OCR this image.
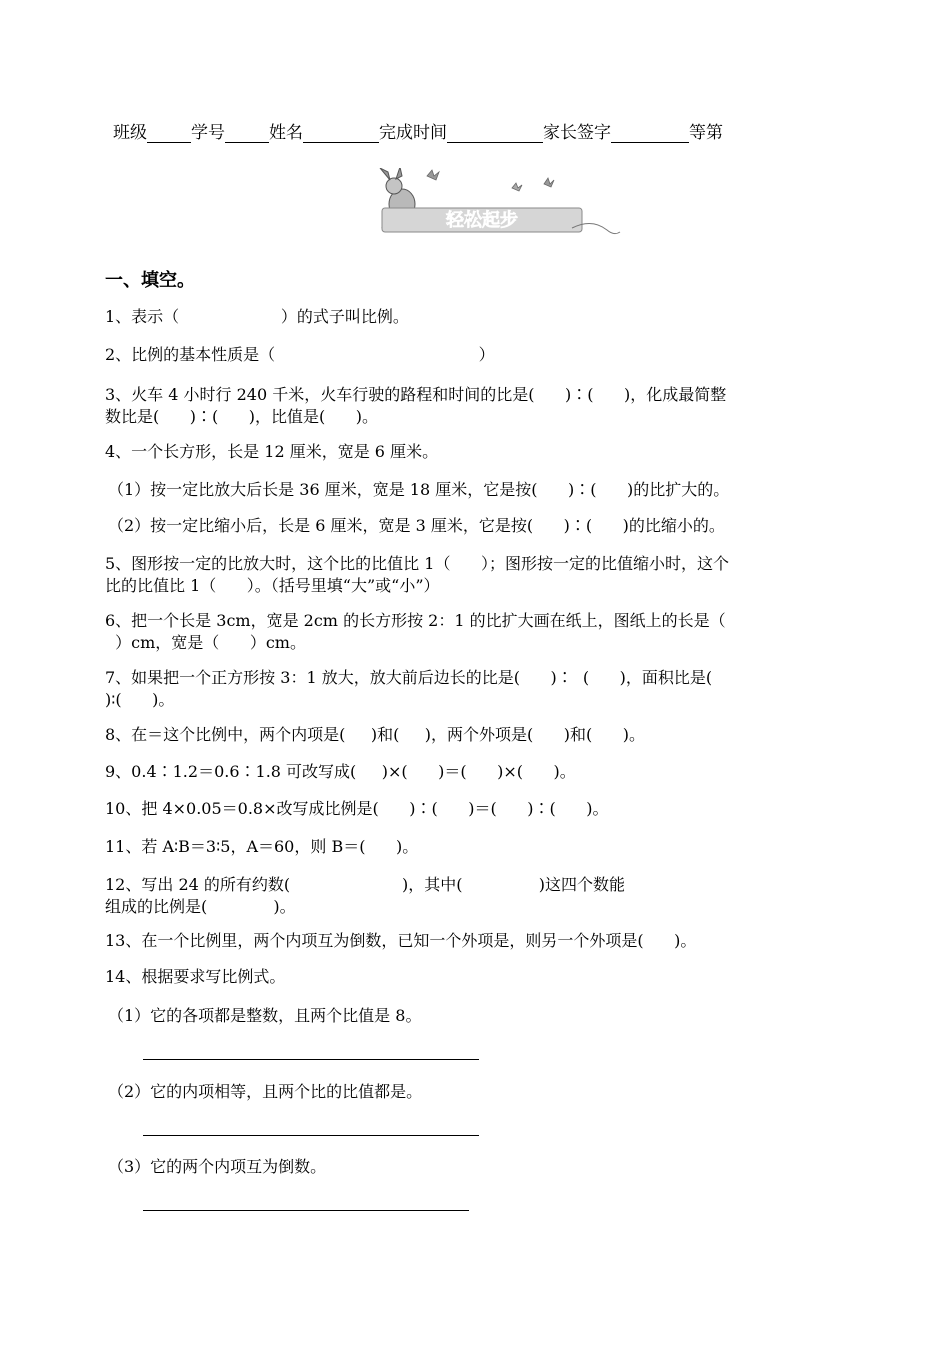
班级	学号	姓名	完成时间	家长签字	等第
轻松起步
一、填空。
1、表示（                    ）的式子叫比例。
2、比例的基本性质是（                                        ）
3、火车 4 小时行 240 千米，火车行驶的路程和时间的比是(      )∶(      )，化成最简整
数比是(      )∶(      )，比值是(      )。
4、一个长方形，长是 12 厘米，宽是 6 厘米。
（1）按一定比放大后长是 36 厘米，宽是 18 厘米，它是按(      )∶(      )的比扩大的。
（2）按一定比缩小后，长是 6 厘米，宽是 3 厘米，它是按(      )∶(      )的比缩小的。
5、图形按一定的比放大时，这个比的比值比 1（      ）；图形按一定的比值缩小时，这个
比的比值比 1（      ）。（括号里填“大”或“小”）
6、把一个长是 3cm，宽是 2cm 的长方形按 2：1 的比扩大画在纸上，图纸上的长是（
）cm，宽是（      ）cm。
7、如果把一个正方形按 3：1 放大，放大前后边长的比是(      )∶  (      )，面积比是(
)∶(      )。
8、在＝这个比例中，两个内项是(     )和(     )，两个外项是(      )和(      )。
9、0.4∶1.2＝0.6∶1.8 可改写成(     )×(      )＝(      )×(      )。
10、把 4×0.05＝0.8×改写成比例是(      )∶(      )＝(      )∶(      )。
11、若 A∶B＝3∶5，A＝60，则 B＝(      )。
12、写出 24 的所有约数(                      )，其中(               )这四个数能
组成的比例是(             )。
13、在一个比例里，两个内项互为倒数，已知一个外项是，则另一个外项是(      )。
14、根据要求写比例式。
（1）它的各项都是整数，且两个比值是 8。
（2）它的内项相等，且两个比的比值都是。
（3）它的两个内项互为倒数。
